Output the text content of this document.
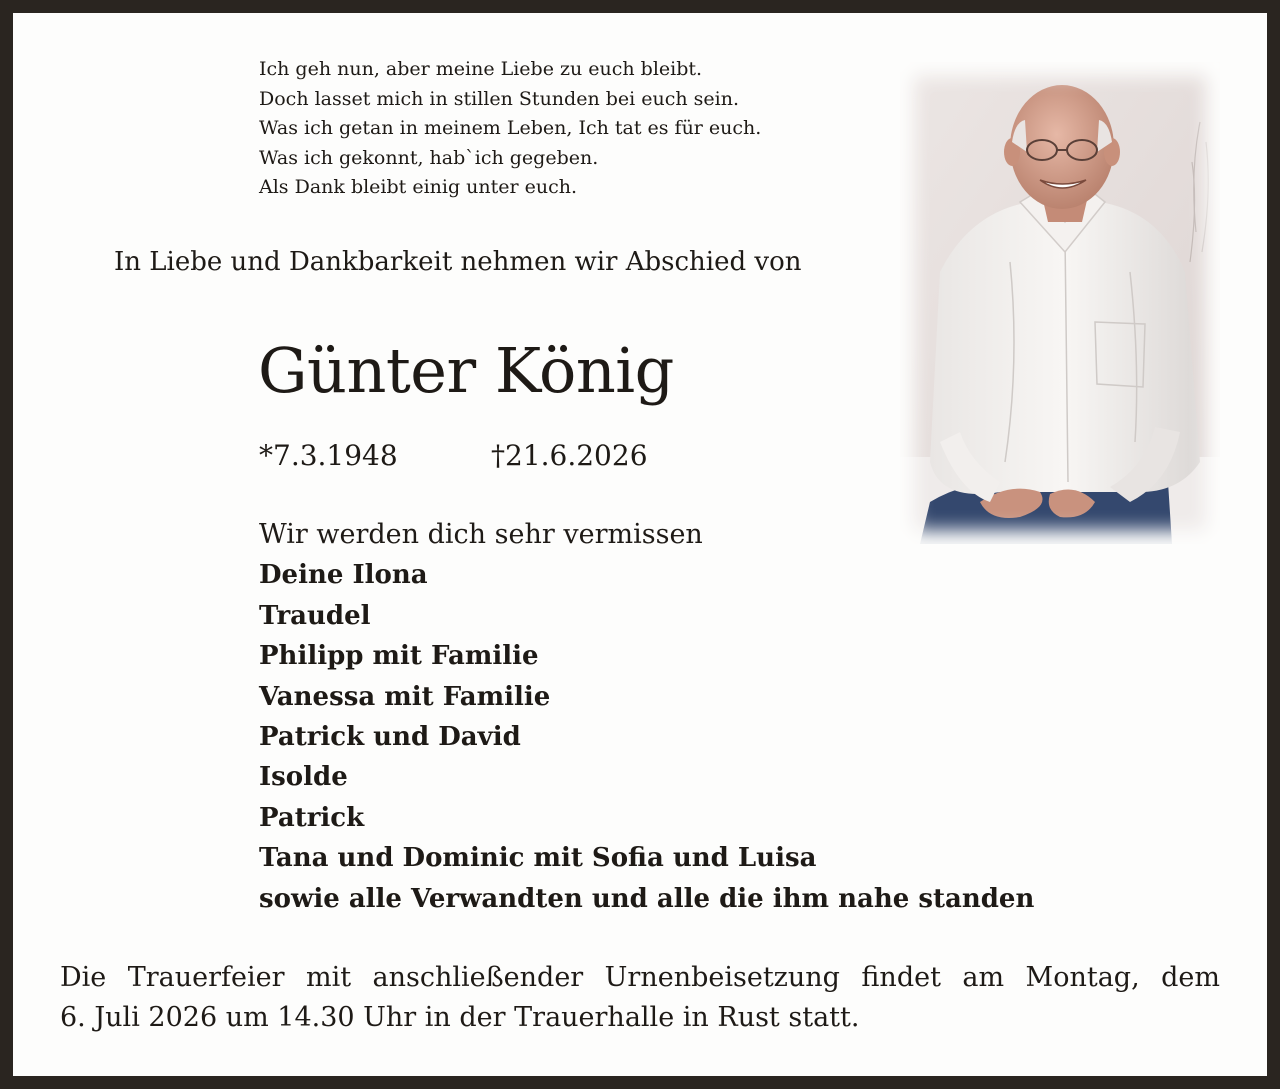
Ich geh nun, aber meine Liebe zu euch bleibt.
Doch lasset mich in stillen Stunden bei euch sein.
Was ich getan in meinem Leben, Ich tat es für euch.
Was ich gekonnt, hab`ich gegeben.
Als Dank bleibt einig unter euch.
In Liebe und Dankbarkeit nehmen wir Abschied von
Günter König
*7.3.1948	†21.6.2026
Wir werden dich sehr vermissen
Deine Ilona
Traudel
Philipp mit Familie
Vanessa mit Familie
Patrick und David
Isolde
Patrick
Tana und Dominic mit Sofia und Luisa
sowie alle Verwandten und alle die ihm nahe standen
Die Trauerfeier mit anschließender Urnenbeisetzung findet am Montag, dem
6. Juli 2026 um 14.30 Uhr in der Trauerhalle in Rust statt.
